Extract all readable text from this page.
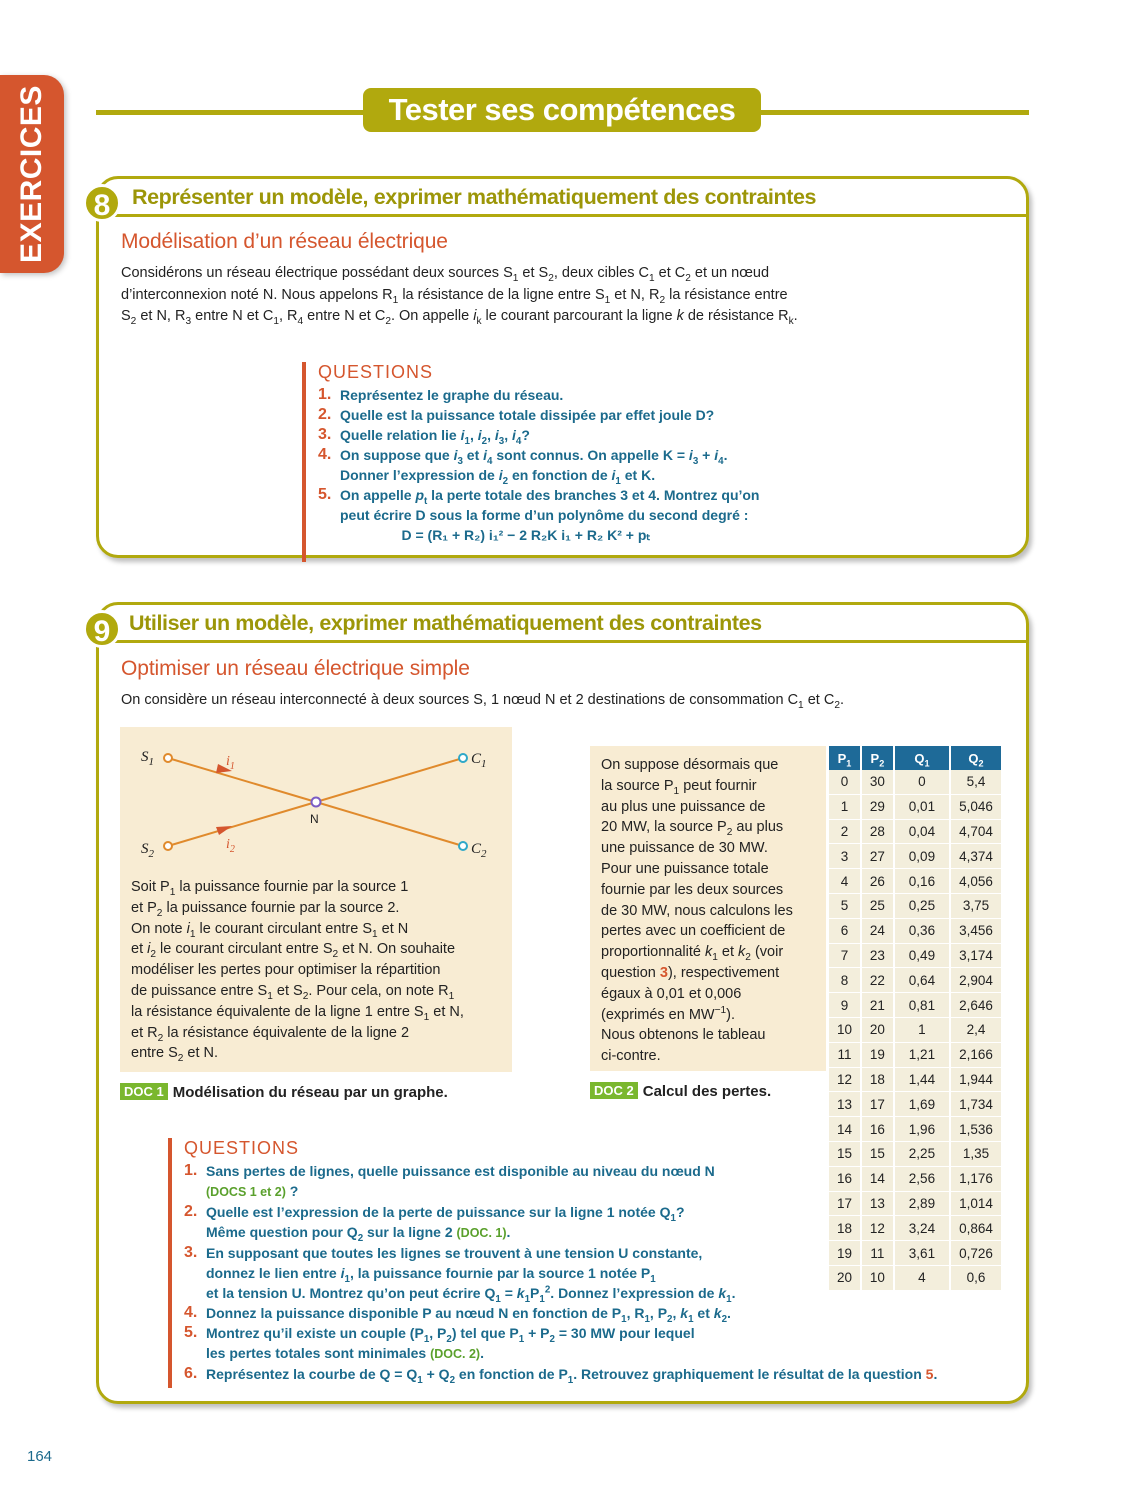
EXERCICES	Tester ses compétences
8	Représenter un modèle, exprimer mathématiquement des contraintes
Modélisation d’un réseau électrique
Considérons un réseau électrique possédant deux sources $S_1$ et $S_2$, deux cibles $C_1$ et $C_2$ et un nœud
d’interconnexion noté N. Nous appelons $R_1$ la résistance de la ligne entre $S_1$ et N, $R_2$ la résistance entre
$S_2$ et N, $R_3$ entre N et $C_1$, $R_4$ entre N et $C_2$. On appelle $i_k$ le courant parcourant la ligne k de résistance $R_k$.
QUESTIONS
1. Représentez le graphe du réseau.
2. Quelle est la puissance totale dissipée par effet joule D?
3. Quelle relation lie $i_1$, $i_2$, $i_3$, $i_4$?
4. On suppose que $i_3$ et $i_4$ sont connus. On appelle $K = i_3 + i_4$.
Donner l’expression de $i_2$ en fonction de $i_1$ et K.
5. On appelle $p_t$ la perte totale des branches 3 et 4. Montrez qu’on
peut écrire D sous la forme d’un polynôme du second degré :
D = (R₁ + R₂) i₁² − 2 R₂K i₁ + R₂ K² + pₜ
9 Utiliser un modèle, exprimer mathématiquement des contraintes
Optimiser un réseau électrique simple
On considère un réseau interconnecté à deux sources S, 1 nœud N et 2 destinations de consommation $C_1$ et $C_2$.
$S_1$
$S_2$
$C_1$
$C_2$
N
$i_1$
$i_2$
Soit $P_1$ la puissance fournie par la source 1
et $P_2$ la puissance fournie par la source 2.
On note $i_1$ le courant circulant entre $S_1$ et N
et $i_2$ le courant circulant entre $S_2$ et N. On souhaite
modéliser les pertes pour optimiser la répartition
de puissance entre $S_1$ et $S_2$. Pour cela, on note $R_1$
la résistance équivalente de la ligne 1 entre $S_1$ et N,
et $R_2$ la résistance équivalente de la ligne 2
entre $S_2$ et N.
DOC 1 Modélisation du réseau par un graphe.
On suppose désormais que
la source $P_1$ peut fournir
au plus une puissance de
20 MW, la source $P_2$ au plus
une puissance de 30 MW.
Pour une puissance totale
fournie par les deux sources
de 30 MW, nous calculons les
pertes avec un coefficient de
proportionnalité $k_1$ et $k_2$ (voir
question 3), respectivement
égaux à 0,01 et 0,006
(exprimés en $MW^{-1}$).
Nous obtenons le tableau
ci-contre.
DOC 2 Calcul des pertes.
$P_1$	$P_2$	$Q_1$	$Q_2$
0	30	0	5,4
1	29	0,01	5,046
2	28	0,04	4,704
3	27	0,09	4,374
4	26	0,16	4,056
5	25	0,25	3,75
6	24	0,36	3,456
7	23	0,49	3,174
8	22	0,64	2,904
9	21	0,81	2,646
10	20	1	2,4
11	19	1,21	2,166
12	18	1,44	1,944
13	17	1,69	1,734
14	16	1,96	1,536
15	15	2,25	1,35
16	14	2,56	1,176
17	13	2,89	1,014
18	12	3,24	0,864
19	11	3,61	0,726
20	10	4	0,6
QUESTIONS
1. Sans pertes de lignes, quelle puissance est disponible au niveau du nœud N
(DOCS 1 et 2) ?
2. Quelle est l’expression de la perte de puissance sur la ligne 1 notée $Q_1$?
Même question pour $Q_2$ sur la ligne 2 (DOC. 1).
3. En supposant que toutes les lignes se trouvent à une tension U constante,
donnez le lien entre $i_1$, la puissance fournie par la source 1 notée $P_1$
et la tension U. Montrez qu’on peut écrire $Q_1 = k_1P_1^2$. Donnez l’expression de $k_1$.
4. Donnez la puissance disponible P au nœud N en fonction de $P_1$, $R_1$, $P_2$, $k_1$ et $k_2$.
5. Montrez qu’il existe un couple ($P_1$, $P_2$) tel que $P_1 + P_2 = 30$ MW pour lequel
les pertes totales sont minimales (DOC. 2).
6. Représentez la courbe de $Q = Q_1 + Q_2$ en fonction de $P_1$. Retrouvez graphiquement le résultat de la question 5.
164
